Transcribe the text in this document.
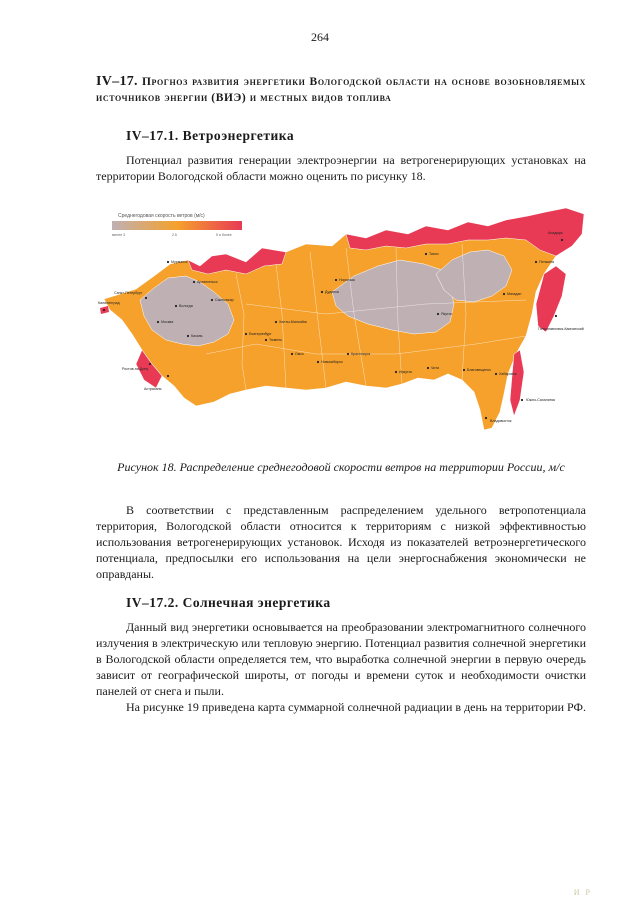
264
IV–17. Прогноз развития энергетики Вологодской области на основе возобновляемых источников энергии (ВИЭ) и местных видов топлива
IV–17.1. Ветроэнергетика
Потенциал развития генерации электроэнергии на ветрогенерирующих установках на территории Вологодской области можно оценить по рисунку 18.
Среднегодовая скорость ветров (м/с)
менее 3	2.5	5 и более
Мурманск
Калининград
Москва
Санкт-Петербург
Архангельск
Сыктывкар
Вологда
Казань	Екатеринбург
Тюмень
Омск
Новосибирск
Красноярск
Иркутск
Якутск
Магадан
Петропавловск-Камчатский
Хабаровск
Владивосток
Южно-Сахалинск
Дудинка
Тикси
Пенжина
Анадырь
Норильск
Ханты-Мансийск
Чита	Благовещенск
Ростов-на-Дону
Астрахань
Рисунок 18. Распределение среднегодовой скорости ветров на территории России, м/с
В соответствии с представленным распределением удельного ветропотенциала территория, Вологодской области относится к территориям с низкой эффективностью использования ветрогенерирующих установок. Исходя из показателей ветроэнергетического потенциала, предпосылки его использования на цели энергоснабжения экономически не оправданы.
IV–17.2. Солнечная энергетика
Данный вид энергетики основывается на преобразовании электромагнитного солнечного излучения в электрическую или тепловую энергию. Потенциал развития солнечной энергетики в Вологодской области определяется тем, что выработка солнечной энергии в первую очередь зависит от географической широты, от погоды и времени суток и необходимости очистки панелей от снега и пыли.
На рисунке 19 приведена карта суммарной солнечной радиации в день на территории РФ.
И Р
